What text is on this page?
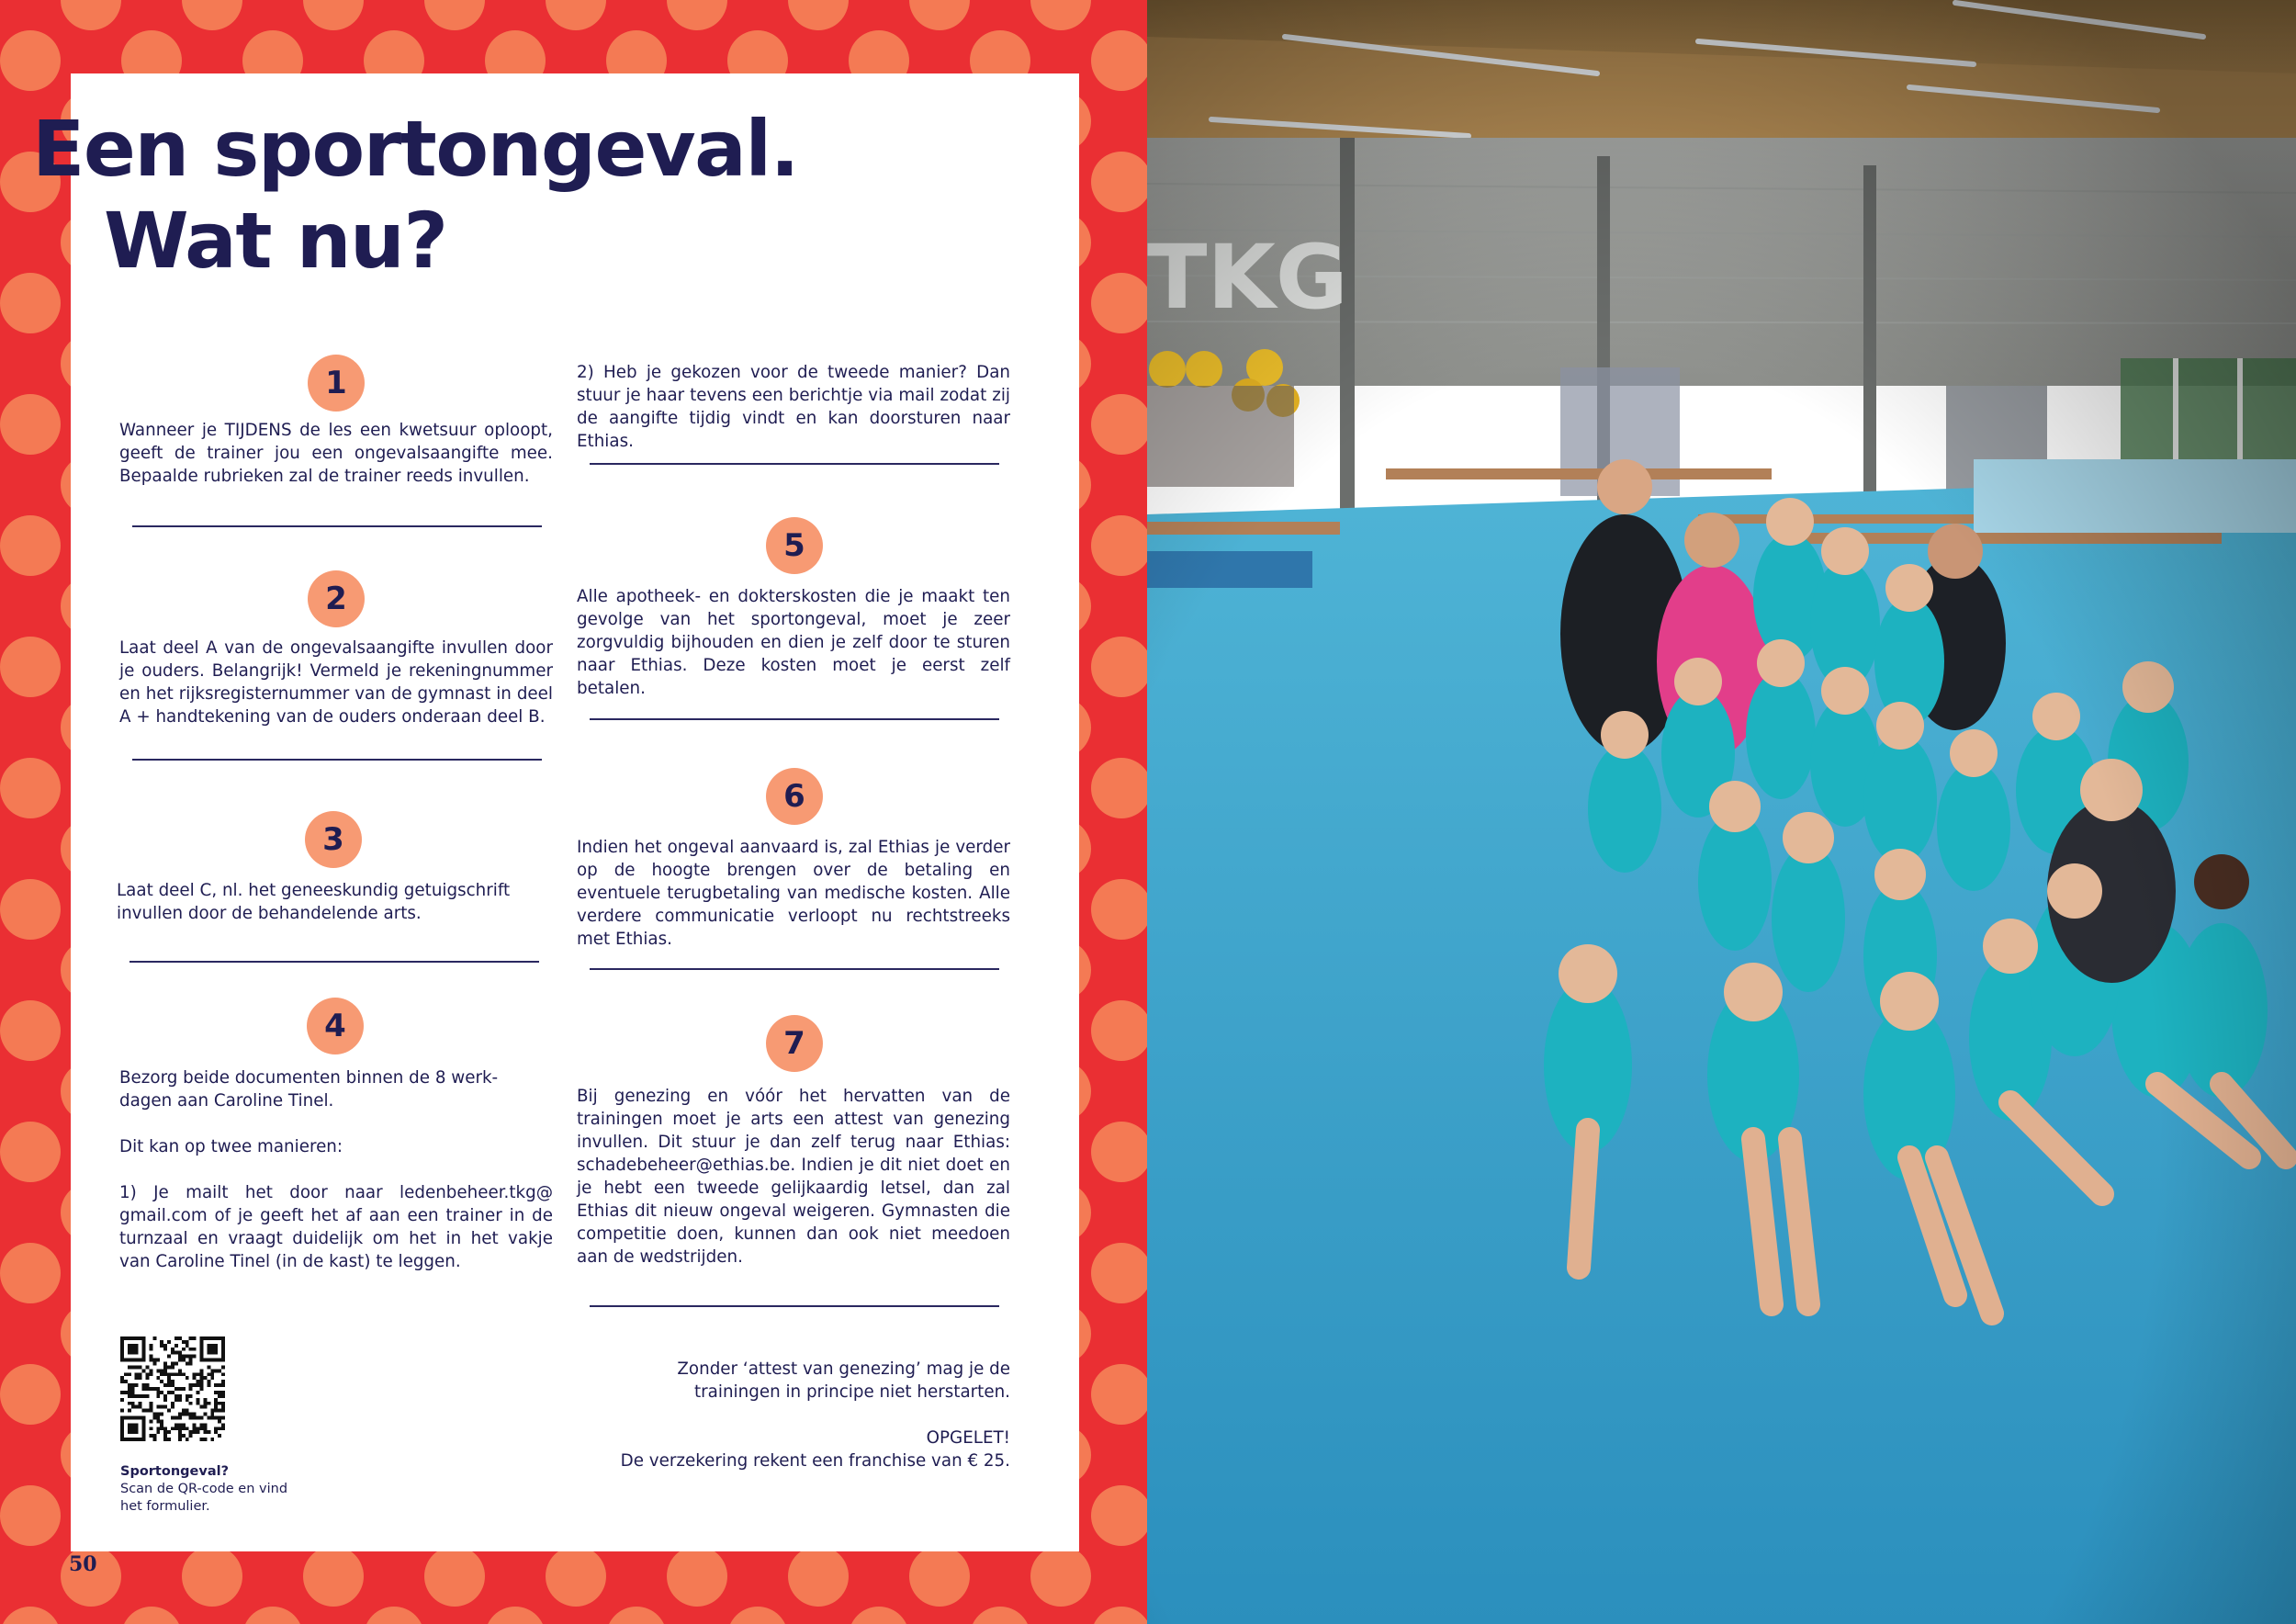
Een sportongeval.
Wat nu?
1

Wanneer je TIJDENS de les een kwetsuur oploopt, geeft de trainer jou een ongevalsaangifte mee. Bepaalde rubrieken zal de trainer reeds invullen.

2

Laat deel A van de ongevalsaangifte invullen door je ouders. Belangrijk! Vermeld je rekeningnummer en het rijksregisternummer van de gymnast in deel A + handtekening van de ouders onderaan deel B.

3

Laat deel C, nl. het geneeskundig getuigschrift invullen door de behandelende arts.

4

Bezorg beide documenten binnen de 8 werk-dagen aan Caroline Tinel.

Dit kan op twee manieren:

1) Je mailt het door naar ledenbeheer.tkg@ gmail.com of je geeft het af aan een trainer in de turnzaal en vraagt duidelijk om het in het vakje van Caroline Tinel (in de kast) te leggen.

2) Heb je gekozen voor de tweede manier? Dan stuur je haar tevens een berichtje via mail zodat zij de aangifte tijdig vindt en kan doorsturen naar Ethias.

5

Alle apotheek- en dokterskosten die je maakt ten gevolge van het sportongeval, moet je zeer zorgvuldig bijhouden en dien je zelf door te sturen naar Ethias. Deze kosten moet je eerst zelf betalen.

6

Indien het ongeval aanvaard is, zal Ethias je verder op de hoogte brengen over de betaling en eventuele terugbetaling van medische kosten. Alle verdere communicatie verloopt nu rechtstreeks met Ethias.

7

Bij genezing en vóór het hervatten van de trainingen moet je arts een attest van genezing invullen. Dit stuur je dan zelf terug naar Ethias: schadebeheer@ethias.be. Indien je dit niet doet en je hebt een tweede gelijkaardig letsel, dan zal Ethias dit nieuw ongeval weigeren. Gymnasten die competitie doen, kunnen dan ook niet meedoen aan de wedstrijden.

Sportongeval?
Scan de QR-code en vind het formulier.

Zonder ‘attest van genezing’ mag je de trainingen in principe niet herstarten.

OPGELET!
De verzekering rekent een franchise van € 25.

50
